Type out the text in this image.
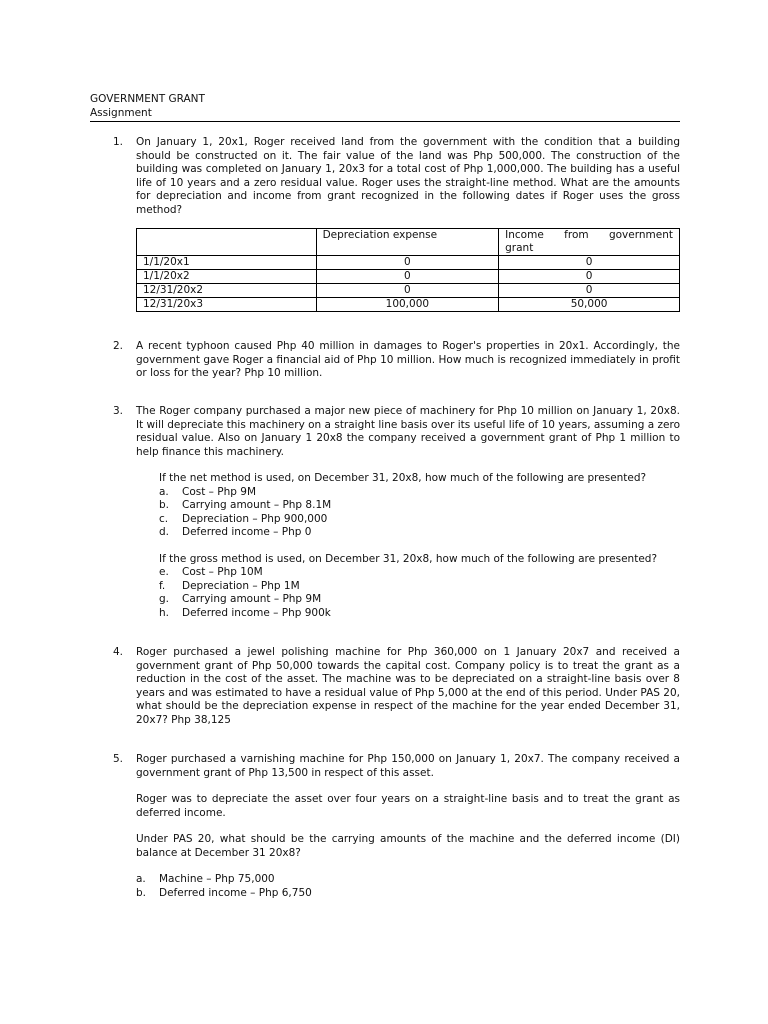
GOVERNMENT GRANT
Assignment
1.	On January 1, 20x1, Roger received land from the government with the condition that a building should be constructed on it. The fair value of the land was Php 500,000. The construction of the building was completed on January 1, 20x3 for a total cost of Php 1,000,000. The building has a useful life of 10 years and a zero residual value. Roger uses the straight-line method. What are the amounts for depreciation and income from grant recognized in the following dates if Roger uses the gross method?

	Depreciation expense	Income from government
grant

1/1/20x1	0	0
1/1/20x2	0	0
12/31/20x2	0	0
12/31/20x3	100,000	50,000
2.	A recent typhoon caused Php 40 million in damages to Roger's properties in 20x1. Accordingly, the government gave Roger a financial aid of Php 10 million. How much is recognized immediately in profit or loss for the year? Php 10 million.

3.	The Roger company purchased a major new piece of machinery for Php 10 million on January 1, 20x8. It will depreciate this machinery on a straight line basis over its useful life of 10 years, assuming a zero residual value. Also on January 1 20x8 the company received a government grant of Php 1 million to help finance this machinery.

If the net method is used, on December 31, 20x8, how much of the following are presented?

a. Cost – Php 9M
b. Carrying amount – Php 8.1M
c. Depreciation – Php 900,000
d. Deferred income – Php 0

If the gross method is used, on December 31, 20x8, how much of the following are presented?

e. Cost – Php 10M
f. Depreciation – Php 1M
g. Carrying amount – Php 9M
h. Deferred income – Php 900k
4.	Roger purchased a jewel polishing machine for Php 360,000 on 1 January 20x7 and received a government grant of Php 50,000 towards the capital cost. Company policy is to treat the grant as a reduction in the cost of the asset. The machine was to be depreciated on a straight-line basis over 8 years and was estimated to have a residual value of Php 5,000 at the end of this period. Under PAS 20, what should be the depreciation expense in respect of the machine for the year ended December 31, 20x7? Php 38,125

5.	Roger purchased a varnishing machine for Php 150,000 on January 1, 20x7. The company received a government grant of Php 13,500 in respect of this asset.

Roger was to depreciate the asset over four years on a straight-line basis and to treat the grant as deferred income.

Under PAS 20, what should be the carrying amounts of the machine and the deferred income (DI) balance at December 31 20x8?

a. Machine – Php 75,000
b. Deferred income – Php 6,750
